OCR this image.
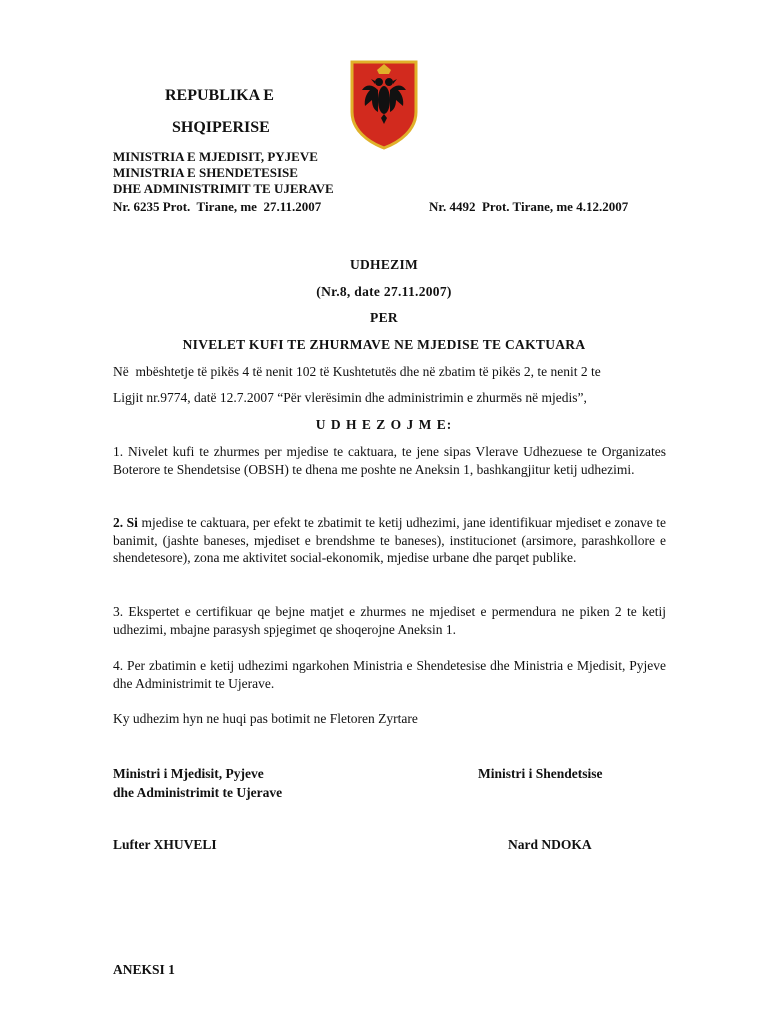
REPUBLIKA E
SHQIPERISE
MINISTRIA E MJEDISIT, PYJEVE
MINISTRIA E SHENDETESISE
DHE ADMINISTRIMIT TE UJERAVE
Nr. 6235 Prot.  Tirane, me  27.11.2007	Nr. 4492  Prot. Tirane, me 4.12.2007
UDHEZIM
(Nr.8, date 27.11.2007)
PER
NIVELET KUFI TE ZHURMAVE NE MJEDISE TE CAKTUARA
Në  mbështetje të pikës 4 të nenit 102 të Kushtetutës dhe në zbatim të pikës 2, te nenit 2 te
Ligjit nr.9774, datë 12.7.2007 “Për vlerësimin dhe administrimin e zhurmës në mjedis”,
U D H E Z O J M E:
1. Nivelet kufi te zhurmes per mjedise te caktuara, te jene sipas Vlerave Udhezuese te Organizates Boterore te Shendetsise (OBSH) te dhena me poshte ne Aneksin 1, bashkangjitur ketij udhezimi.
2. Si mjedise te caktuara, per efekt te zbatimit te ketij udhezimi, jane identifikuar mjediset e zonave te banimit, (jashte baneses, mjediset e brendshme te baneses), institucionet (arsimore, parashkollore e shendetesore), zona me aktivitet social-ekonomik, mjedise urbane dhe parqet publike.
3. Ekspertet e certifikuar qe bejne matjet e zhurmes ne mjediset e permendura ne piken 2 te ketij udhezimi, mbajne parasysh spjegimet qe shoqerojne Aneksin 1.
4. Per zbatimin e ketij udhezimi ngarkohen Ministria e Shendetesise dhe Ministria e Mjedisit, Pyjeve dhe Administrimit te Ujerave.
Ky udhezim hyn ne huqi pas botimit ne Fletoren Zyrtare
Ministri i Mjedisit, Pyjeve
dhe Administrimit te Ujerave
Ministri i Shendetsise
Lufter XHUVELI	Nard NDOKA
ANEKSI 1
